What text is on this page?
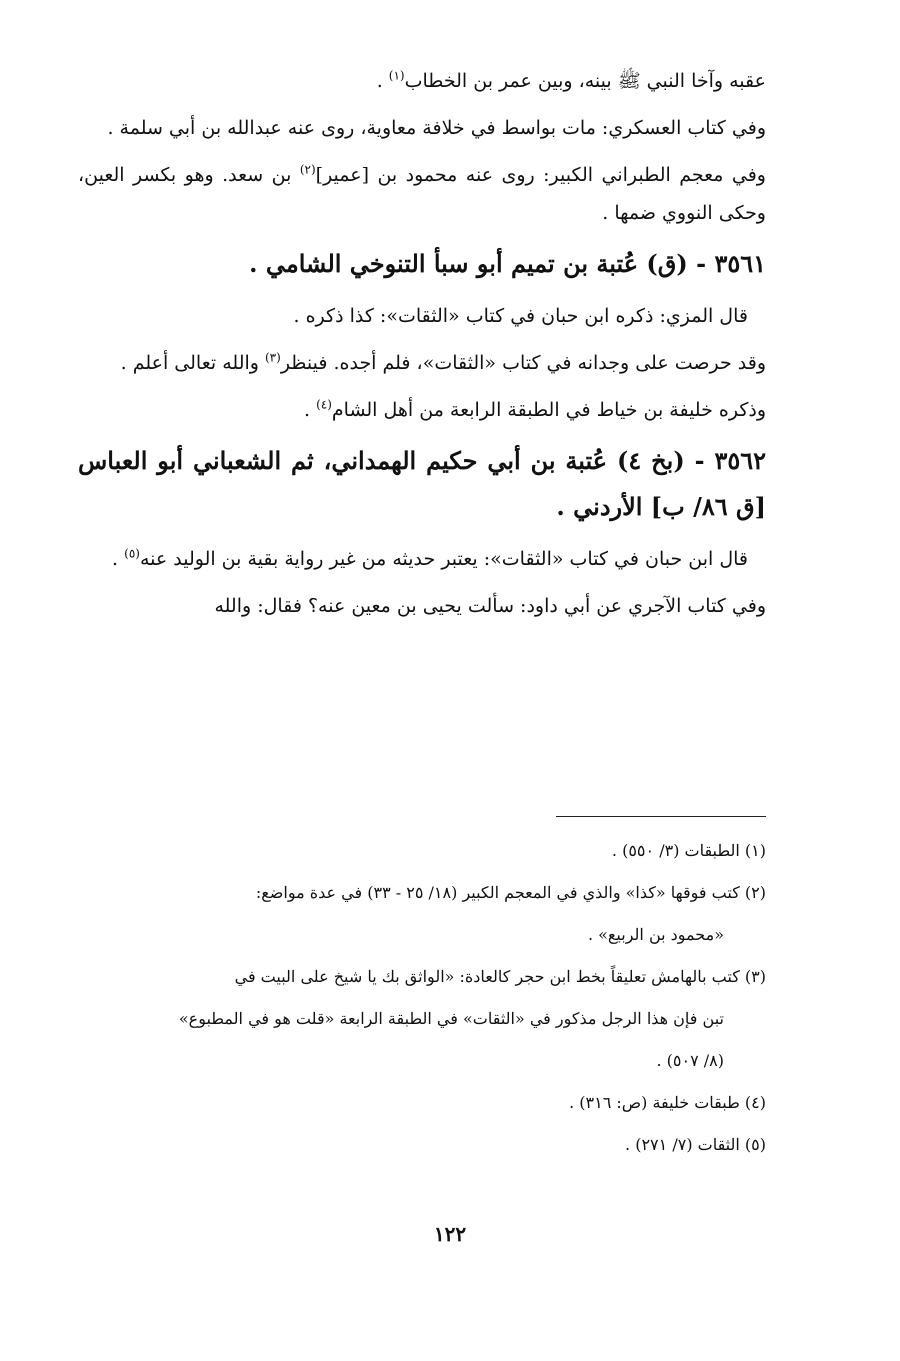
عقبه وآخا النبي ﷺ بينه، وبين عمر بن الخطاب$^{(١)}$ .

وفي كتاب العسكري: مات بواسط في خلافة معاوية، روى عنه عبدالله بن أبي سلمة .

وفي معجم الطبراني الكبير: روى عنه محمود بن [عمير]$^{(٢)}$ بن سعد. وهو بكسر العين، وحكى النووي ضمها .

٣٥٦١ - (ق) عُتبة بن تميم أبو سبأ التنوخي الشامي .

قال المزي: ذكره ابن حبان في كتاب «الثقات»: كذا ذكره .

وقد حرصت على وجدانه في كتاب «الثقات»، فلم أجده. فينظر$^{(٣)}$ والله تعالى أعلم .

وذكره خليفة بن خياط في الطبقة الرابعة من أهل الشام$^{(٤)}$ .

٣٥٦٢ - (بخ ٤) عُتبة بن أبي حكيم الهمداني، ثم الشعباني أبو العباس [ق ٨٦/ ب] الأردني .

قال ابن حبان في كتاب «الثقات»: يعتبر حديثه من غير رواية بقية بن الوليد عنه$^{(٥)}$ .

وفي كتاب الآجري عن أبي داود: سألت يحيى بن معين عنه؟ فقال: والله

(١) الطبقات (٣/ ٥٥٠) .

(٢) كتب فوقها «كذا» والذي في المعجم الكبير (١٨/ ٢٥ - ٣٣) في عدة مواضع:

«محمود بن الربيع» .

(٣) كتب بالهامش تعليقاً بخط ابن حجر كالعادة: «الواثق بك يا شيخ على البيت في

تبن فإن هذا الرجل مذكور في «الثقات» في الطبقة الرابعة «قلت هو في المطبوع»

(٨/ ٥٠٧) .

(٤) طبقات خليفة (ص: ٣١٦) .

(٥) الثقات (٧/ ٢٧١) .

١٢٢
